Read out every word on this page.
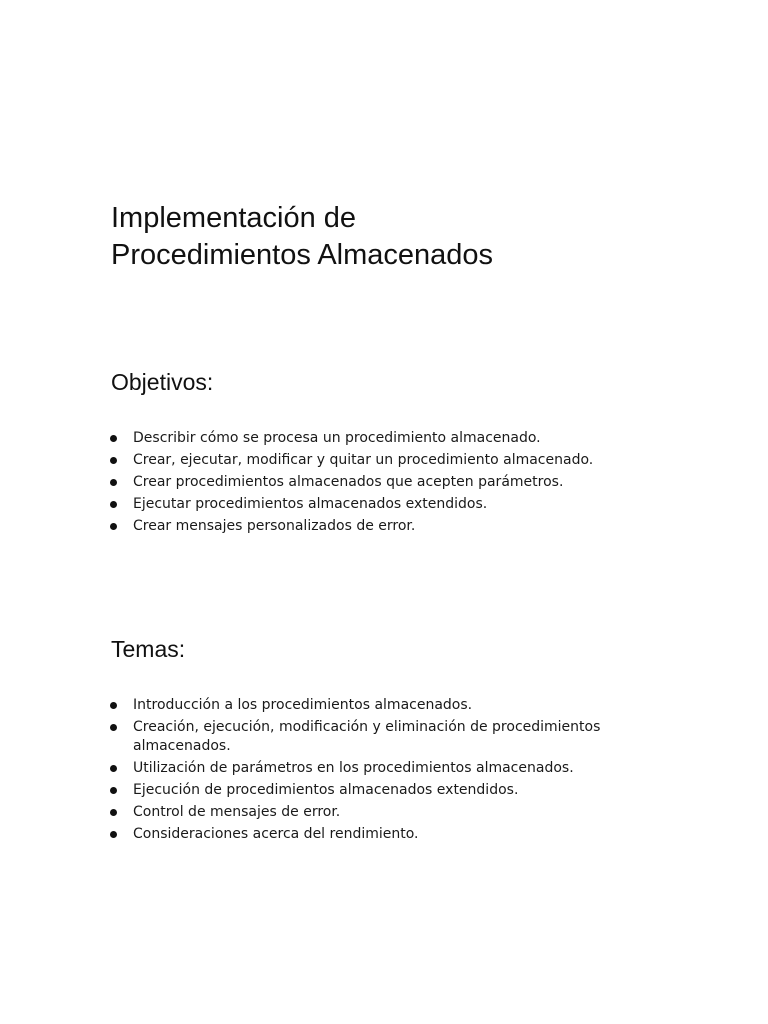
Implementación de
Procedimientos Almacenados
Objetivos:
Describir cómo se procesa un procedimiento almacenado.
Crear, ejecutar, modificar y quitar un procedimiento almacenado.
Crear procedimientos almacenados que acepten parámetros.
Ejecutar procedimientos almacenados extendidos.
Crear mensajes personalizados de error.
Temas:
Introducción a los procedimientos almacenados.
Creación, ejecución, modificación y eliminación de procedimientos almacenados.
Utilización de parámetros en los procedimientos almacenados.
Ejecución de procedimientos almacenados extendidos.
Control de mensajes de error.
Consideraciones acerca del rendimiento.
